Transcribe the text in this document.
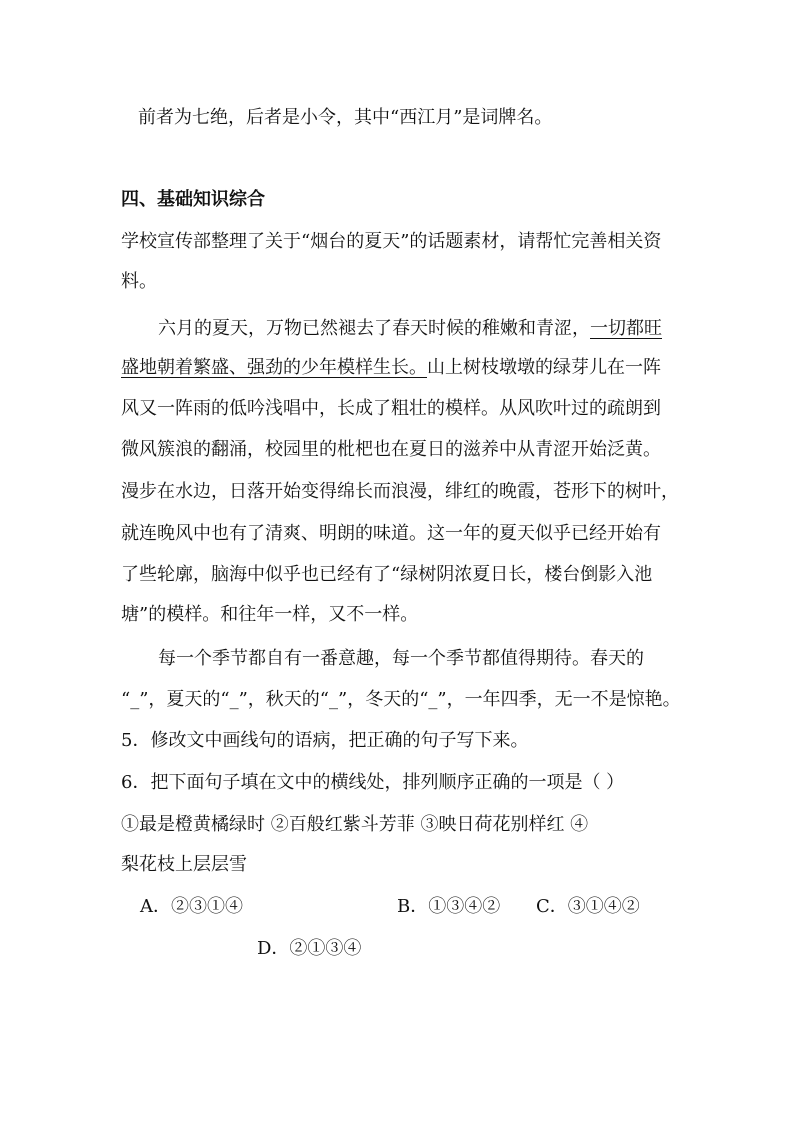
前者为七绝，后者是小令，其中“西江月”是词牌名。
四、基础知识综合
学校宣传部整理了关于“烟台的夏天”的话题素材，请帮忙完善相关资
料。
六月的夏天，万物已然褪去了春天时候的稚嫩和青涩，一切都旺
盛地朝着繁盛、强劲的少年模样生长。山上树枝墩墩的绿芽儿在一阵
风又一阵雨的低吟浅唱中，长成了粗壮的模样。从风吹叶过的疏朗到
微风簇浪的翻涌，校园里的枇杷也在夏日的滋养中从青涩开始泛黄。
漫步在水边，日落开始变得绵长而浪漫，绯红的晚霞，苍形下的树叶，
就连晚风中也有了清爽、明朗的味道。这一年的夏天似乎已经开始有
了些轮廓，脑海中似乎也已经有了“绿树阴浓夏日长，楼台倒影入池
塘”的模样。和往年一样，又不一样。
每一个季节都自有一番意趣，每一个季节都值得期待。春天的
“_”，夏天的“_”，秋天的“_”，冬天的“_”，一年四季，无一不是惊艳。
5．修改文中画线句的语病，把正确的句子写下来。
6．把下面句子填在文中的横线处，排列顺序正确的一项是（ ）
①最是橙黄橘绿时 ②百般红紫斗芳菲 ③映日荷花别样红 ④
梨花枝上层层雪
A．②③①④	B．①③④② C．③①④②
D．②①③④
